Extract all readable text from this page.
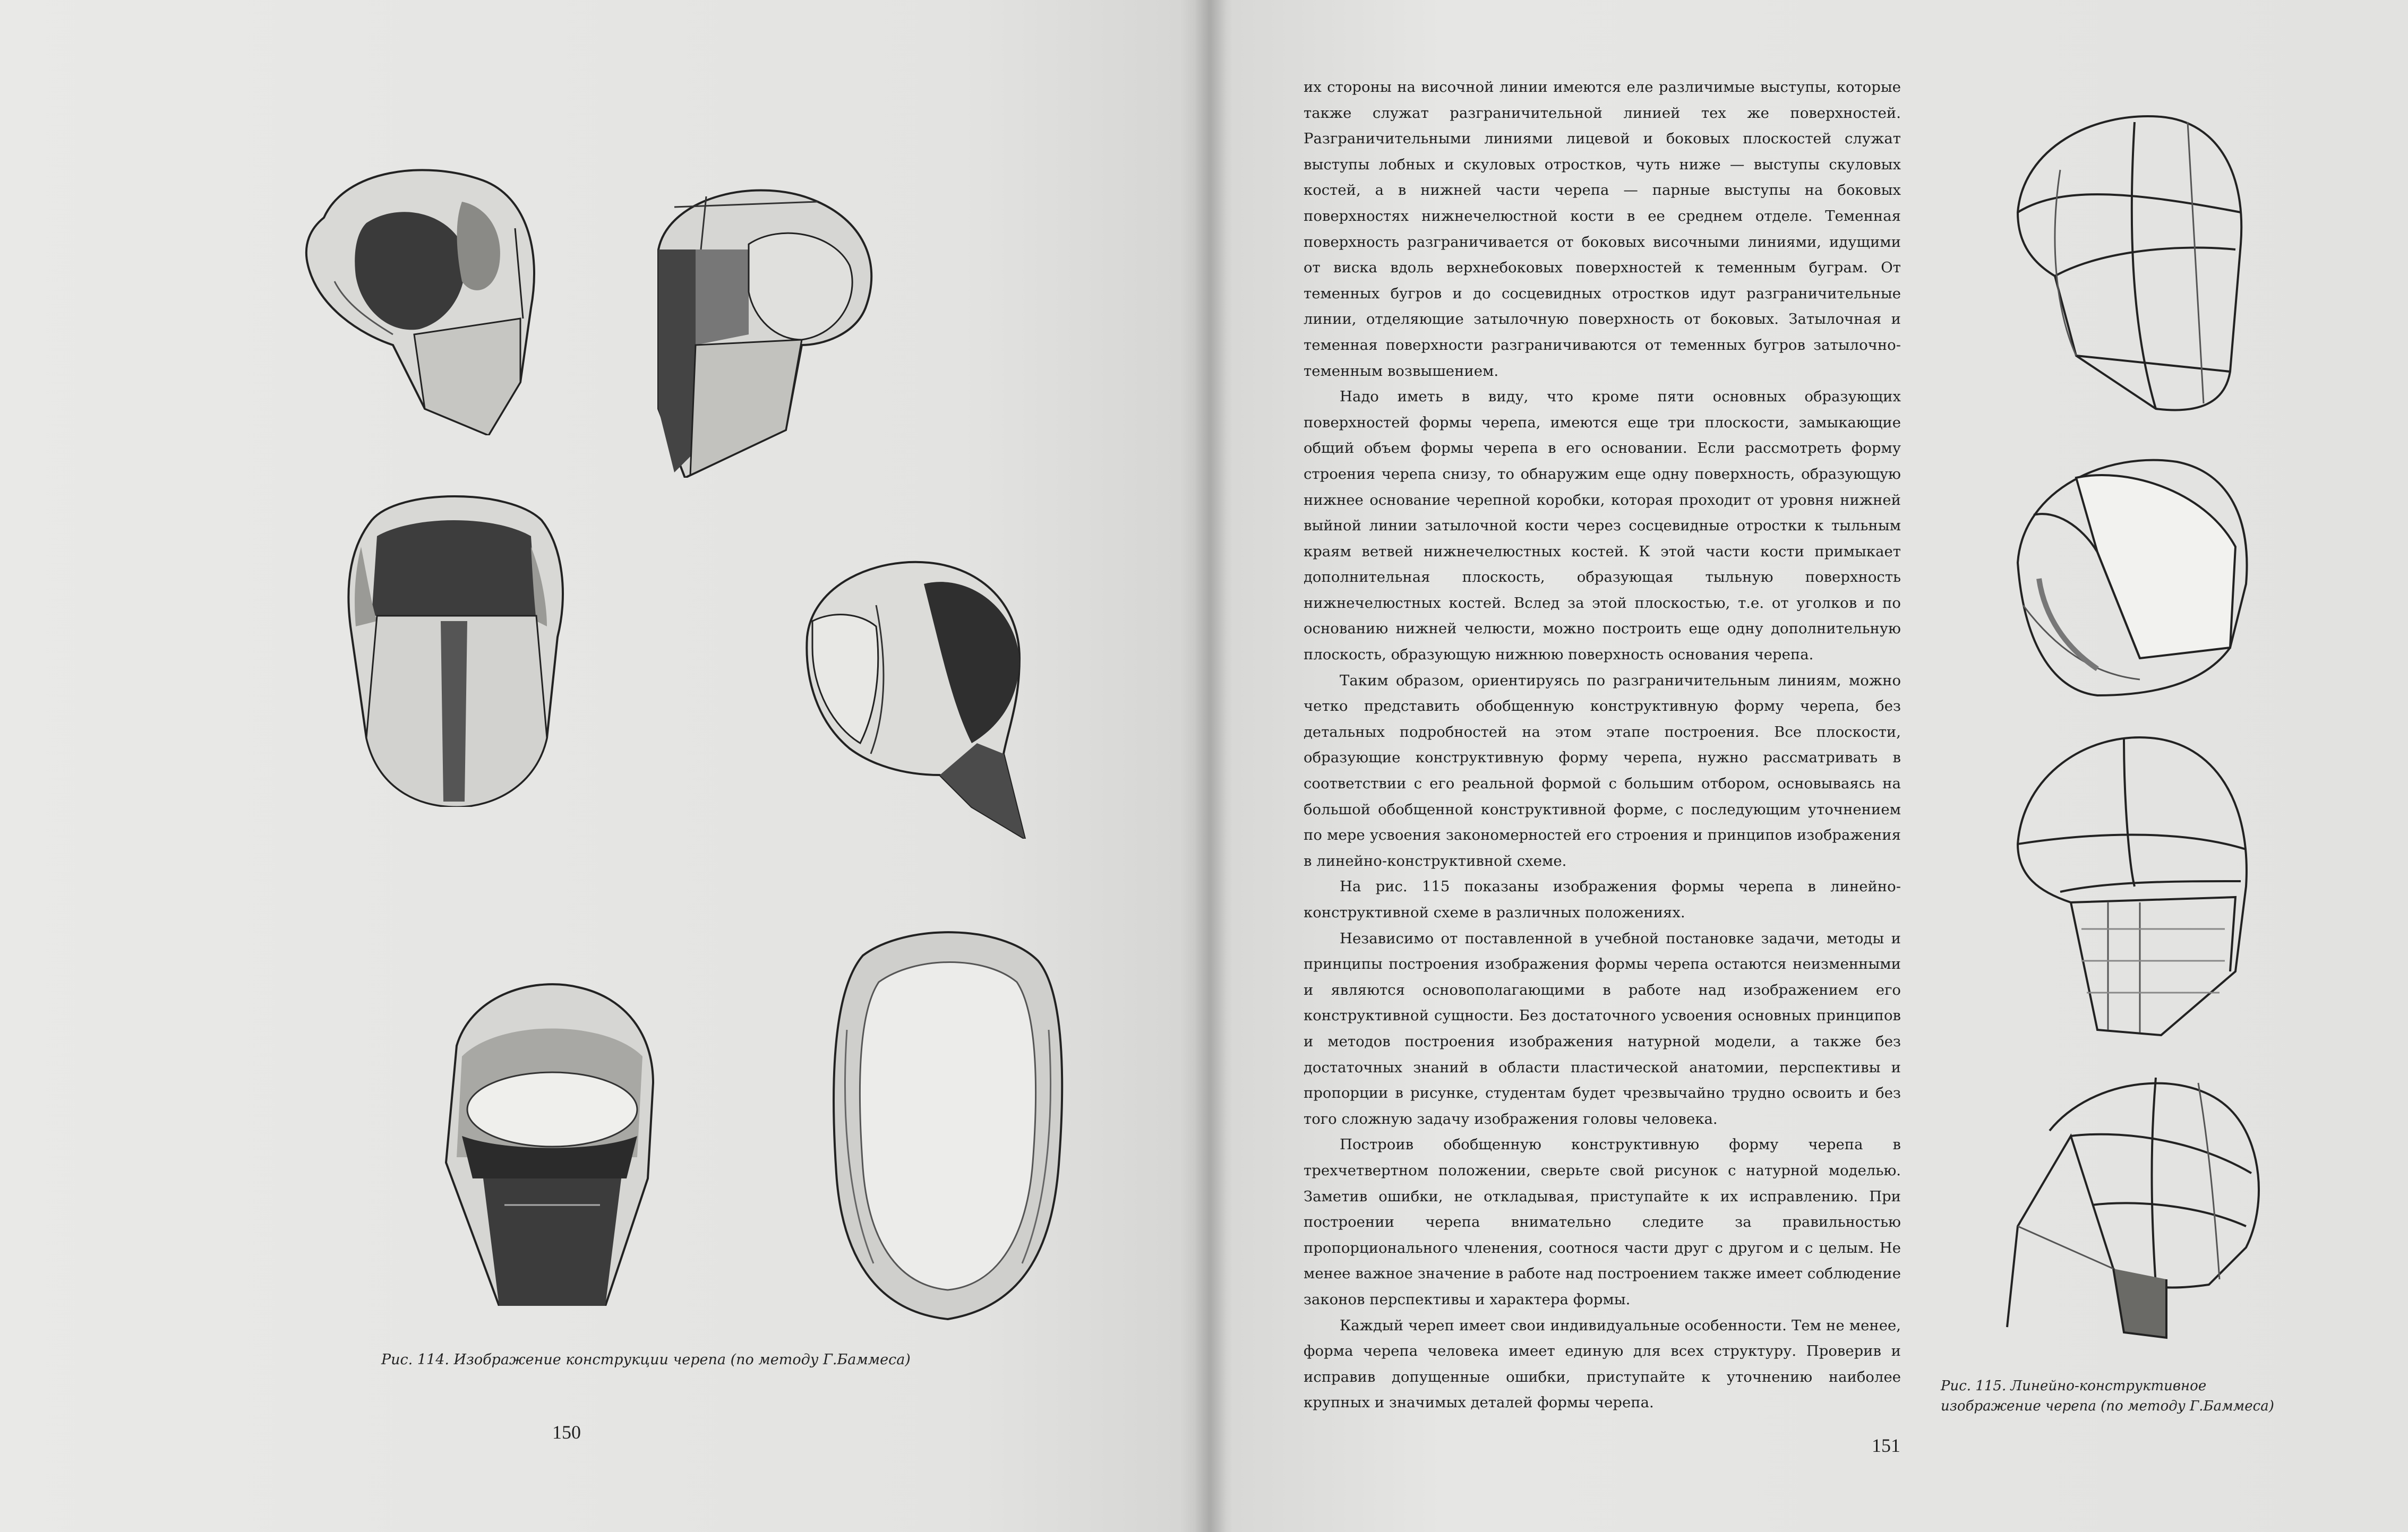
Рис. 114. Изображение конструкции черепа (по методу Г.Баммеса)
150

их стороны на височной линии имеются еле различимые выступы, которые также служат разграничительной линией тех же поверхностей. Разграничительными линиями лицевой и боковых плоскостей служат выступы лобных и скуловых отростков, чуть ниже — выступы скуловых костей, а в нижней части черепа — парные выступы на боковых поверхностях нижнечелюстной кости в ее среднем отделе. Теменная поверхность разграничивается от боковых височными линиями, идущими от виска вдоль верхнебоковых поверхностей к теменным буграм. От теменных бугров и до сосцевидных отростков идут разграничительные линии, отделяющие затылочную поверхность от боковых. Затылочная и теменная поверхности разграничиваются от теменных бугров затылочно-теменным возвышением.

Надо иметь в виду, что кроме пяти основных образующих поверхностей формы черепа, имеются еще три плоскости, замыкающие общий объем формы черепа в его основании. Если рассмотреть форму строения черепа снизу, то обнаружим еще одну поверхность, образующую нижнее основание черепной коробки, которая проходит от уровня нижней выйной линии затылочной кости через сосцевидные отростки к тыльным краям ветвей нижнечелюстных костей. К этой части кости примыкает дополнительная плоскость, образующая тыльную поверхность нижнечелюстных костей. Вслед за этой плоскостью, т.е. от уголков и по основанию нижней челюсти, можно построить еще одну дополнительную плоскость, образующую нижнюю поверхность основания черепа.

Таким образом, ориентируясь по разграничительным линиям, можно четко представить обобщенную конструктивную форму черепа, без детальных подробностей на этом этапе построения. Все плоскости, образующие конструктивную форму черепа, нужно рассматривать в соответствии с его реальной формой с большим отбором, основываясь на большой обобщенной конструктивной форме, с последующим уточнением по мере усвоения закономерностей его строения и принципов изображения в линейно-конструктивной схеме.

На рис. 115 показаны изображения формы черепа в линейно-конструктивной схеме в различных положениях.

Независимо от поставленной в учебной постановке задачи, методы и принципы построения изображения формы черепа остаются неизменными и являются основополагающими в работе над изображением его конструктивной сущности. Без достаточного усвоения основных принципов и методов построения изображения натурной модели, а также без достаточных знаний в области пластической анатомии, перспективы и пропорции в рисунке, студентам будет чрезвычайно трудно освоить и без того сложную задачу изображения головы человека.

Построив обобщенную конструктивную форму черепа в трехчетвертном положении, сверьте свой рисунок с натурной моделью. Заметив ошибки, не откладывая, приступайте к их исправлению. При построении черепа внимательно следите за правильностью пропорционального членения, соотнося части друг с другом и с целым. Не менее важное значение в работе над построением также имеет соблюдение законов перспективы и характера формы.

Каждый череп имеет свои индивидуальные особенности. Тем не менее, форма черепа человека имеет единую для всех структуру. Проверив и исправив допущенные ошибки, приступайте к уточнению наиболее крупных и значимых деталей формы черепа.

Рис. 115. Линейно-конструктивное
изображение черепа (по методу Г.Баммеса)
151
